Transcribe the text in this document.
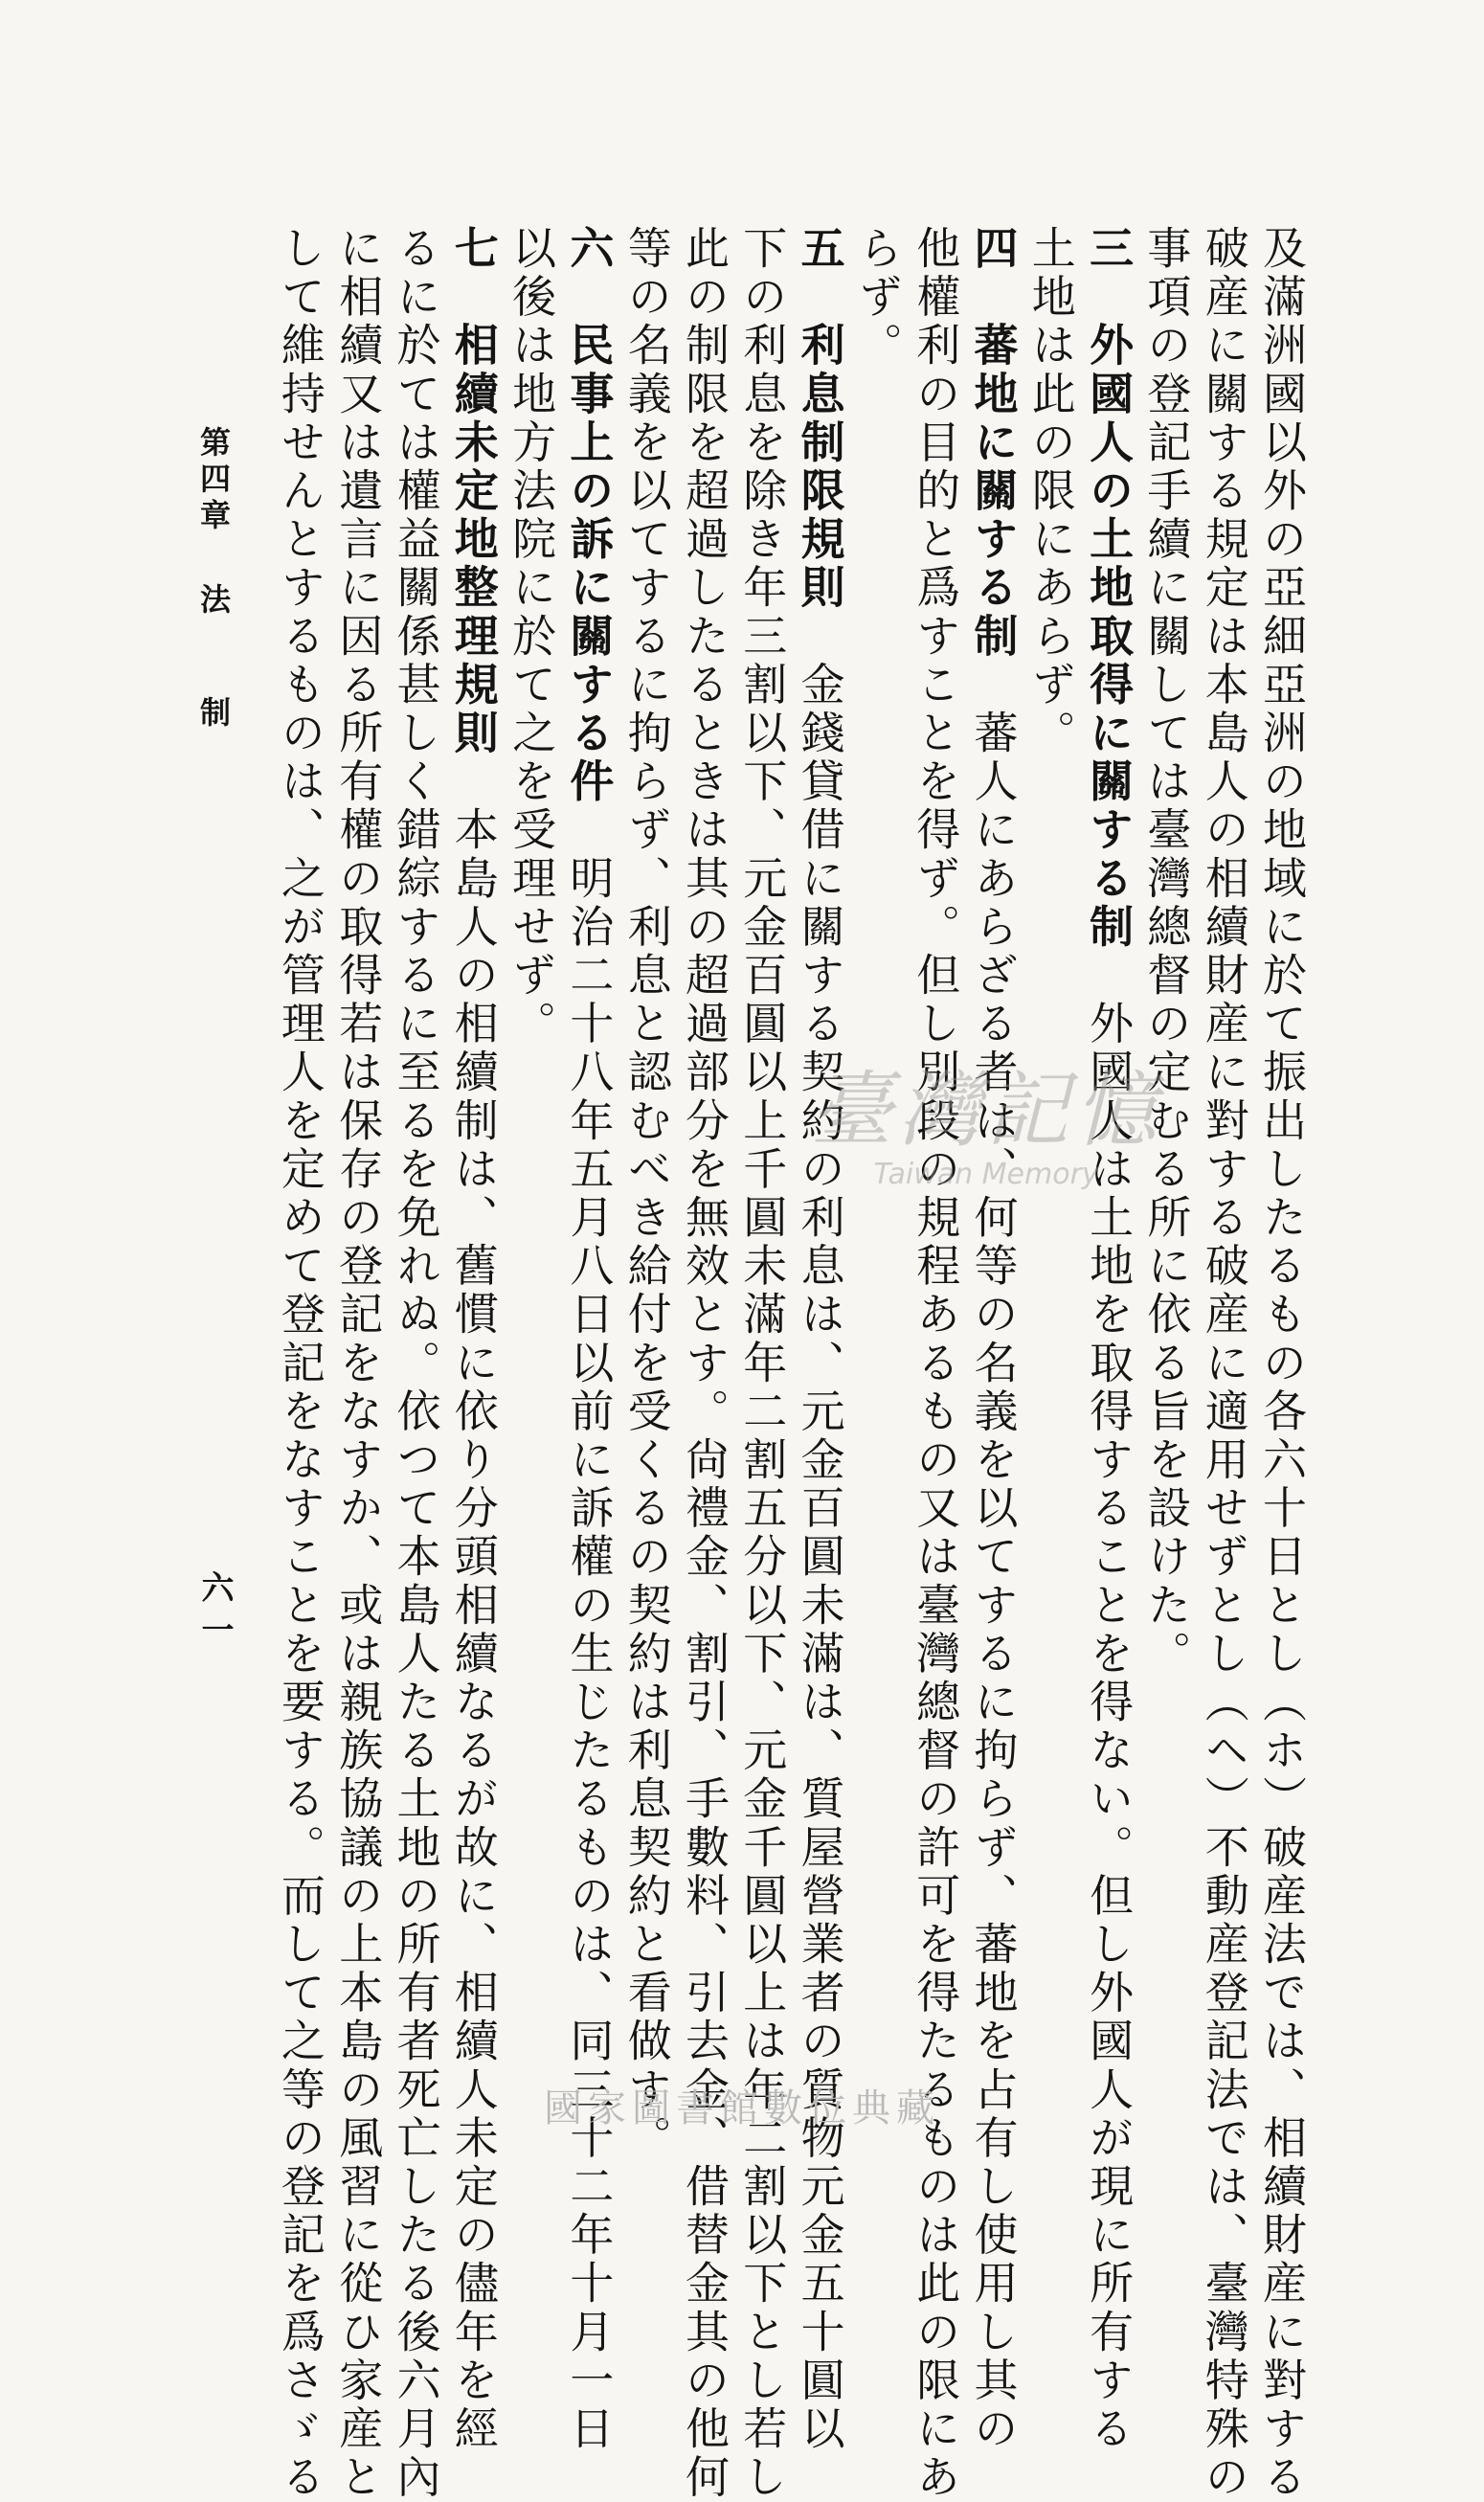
及滿洲國以外の亞細亞洲の地域に於て振出したるもの各六十日とし（ホ）破産法では、相續財産に對する
破産に關する規定は本島人の相續財産に對する破産に適用せずとし（ヘ）不動産登記法では、臺灣特殊の
事項の登記手續に關しては臺灣總督の定むる所に依る旨を設けた。
三　外國人の土地取得に關する制　外國人は土地を取得することを得ない。但し外國人が現に所有する
土地は此の限にあらず。
四　蕃地に關する制　蕃人にあらざる者は、何等の名義を以てするに拘らず、蕃地を占有し使用し其の
他權利の目的と爲すことを得ず。但し別段の規程あるもの又は臺灣總督の許可を得たるものは此の限にあ
らず。
五　利息制限規則　金錢貸借に關する契約の利息は、元金百圓未滿は、質屋營業者の質物元金五十圓以
下の利息を除き年三割以下、元金百圓以上千圓未滿年二割五分以下、元金千圓以上は年二割以下とし若し
此の制限を超過したるときは其の超過部分を無效とす。尙禮金、割引、手數料、引去金、借替金其の他何
等の名義を以てするに拘らず、利息と認むべき給付を受くるの契約は利息契約と看做す。
六　民事上の訴に關する件　明治二十八年五月八日以前に訴權の生じたるものは、同三十二年十月一日
以後は地方法院に於て之を受理せず。
七　相續未定地整理規則　本島人の相續制は、舊慣に依り分頭相續なるが故に、相續人未定の儘年を經
るに於ては權益關係甚しく錯綜するに至るを免れぬ。依つて本島人たる土地の所有者死亡したる後六月內
に相續又は遺言に因る所有權の取得若は保存の登記をなすか、或は親族協議の上本島の風習に從ひ家産と
して維持せんとするものは、之が管理人を定めて登記をなすことを要する。而して之等の登記を爲さゞる
第四章法制
六一
臺灣記憶
Taiwan Memory
國家圖書館數位典藏
